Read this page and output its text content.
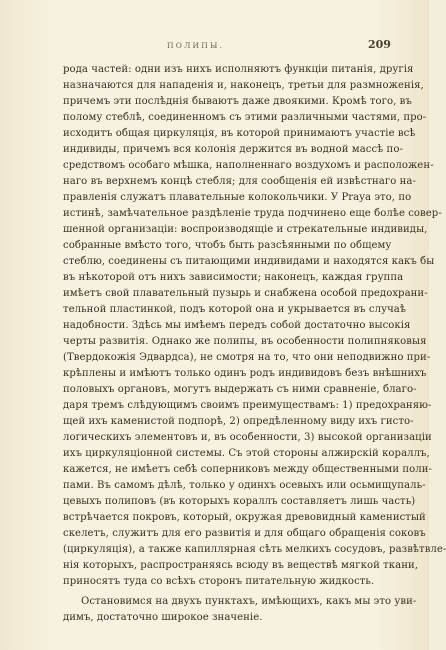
ПОЛИПЫ.	209
рода частей: одни изъ нихъ исполняютъ функціи питанія, другія
назначаются для нападенія и, наконецъ, третьи для размноженія,
причемъ эти послѣднія бываютъ даже двоякими. Кромѣ того, въ
полому стеблѣ, соединенномъ съ этими различными частями, про-
исходитъ общая циркуляція, въ которой принимаютъ участіе всѣ
индивиды, причемъ вся колонія держится въ водной массѣ по-
средствомъ особаго мѣшка, наполненнаго воздухомъ и расположен-
наго въ верхнемъ концѣ стебля; для сообщенія ей извѣстнаго на-
правленія служатъ плавательные колокольчики. У Praya это, по
истинѣ, замѣчательное раздѣленіе труда подчинено еще болѣе совер-
шенной организаціи: воспроизводящіе и стрекательные индивиды,
собранные вмѣсто того, чтобъ быть разсѣянными по общему
стеблю, соединены съ питающими индивидами и находятся какъ бы
въ нѣкоторой отъ нихъ зависимости; наконецъ, каждая группа
имѣетъ свой плавательный пузырь и снабжена особой предохрани-
тельной пластинкой, подъ которой она и укрывается въ случаѣ
надобности. Здѣсь мы имѣемъ передъ собой достаточно высокія
черты развитія. Однако же полипы, въ особенности полипняковыя
(Твердокожія Эдвардса), не смотря на то, что они неподвижно при-
крѣплены и имѣютъ только одинъ родъ индивидовъ безъ внѣшнихъ
половыхъ органовъ, могутъ выдержать съ ними сравненіе, благо-
даря тремъ слѣдующимъ своимъ преимуществамъ: 1) предохраняю-
щей ихъ каменистой подпорѣ, 2) опредѣленному виду ихъ гисто-
логическихъ элементовъ и, въ особенности, 3) высокой организаціи
ихъ циркуляціонной системы. Съ этой стороны алжирскій кораллъ,
кажется, не имѣетъ себѣ соперниковъ между общественными поли-
пами. Въ самомъ дѣлѣ, только у одинхъ осевыхъ или осьмищупаль-
цевыхъ полиповъ (въ которыхъ кораллъ составляетъ лишь часть)
встрѣчается покровъ, который, окружая древовидный каменистый
скелетъ, служитъ для его развитія и для общаго обращенія соковъ
(циркуляція), а также капиллярная сѣть мелкихъ сосудовъ, развѣтвле-
нія которыхъ, распространяясь всюду въ веществѣ мягкой ткани,
приносятъ туда со всѣхъ сторонъ питательную жидкость.
Остановимся на двухъ пунктахъ, имѣющихъ, какъ мы это уви-
димъ, достаточно широкое значеніе.
